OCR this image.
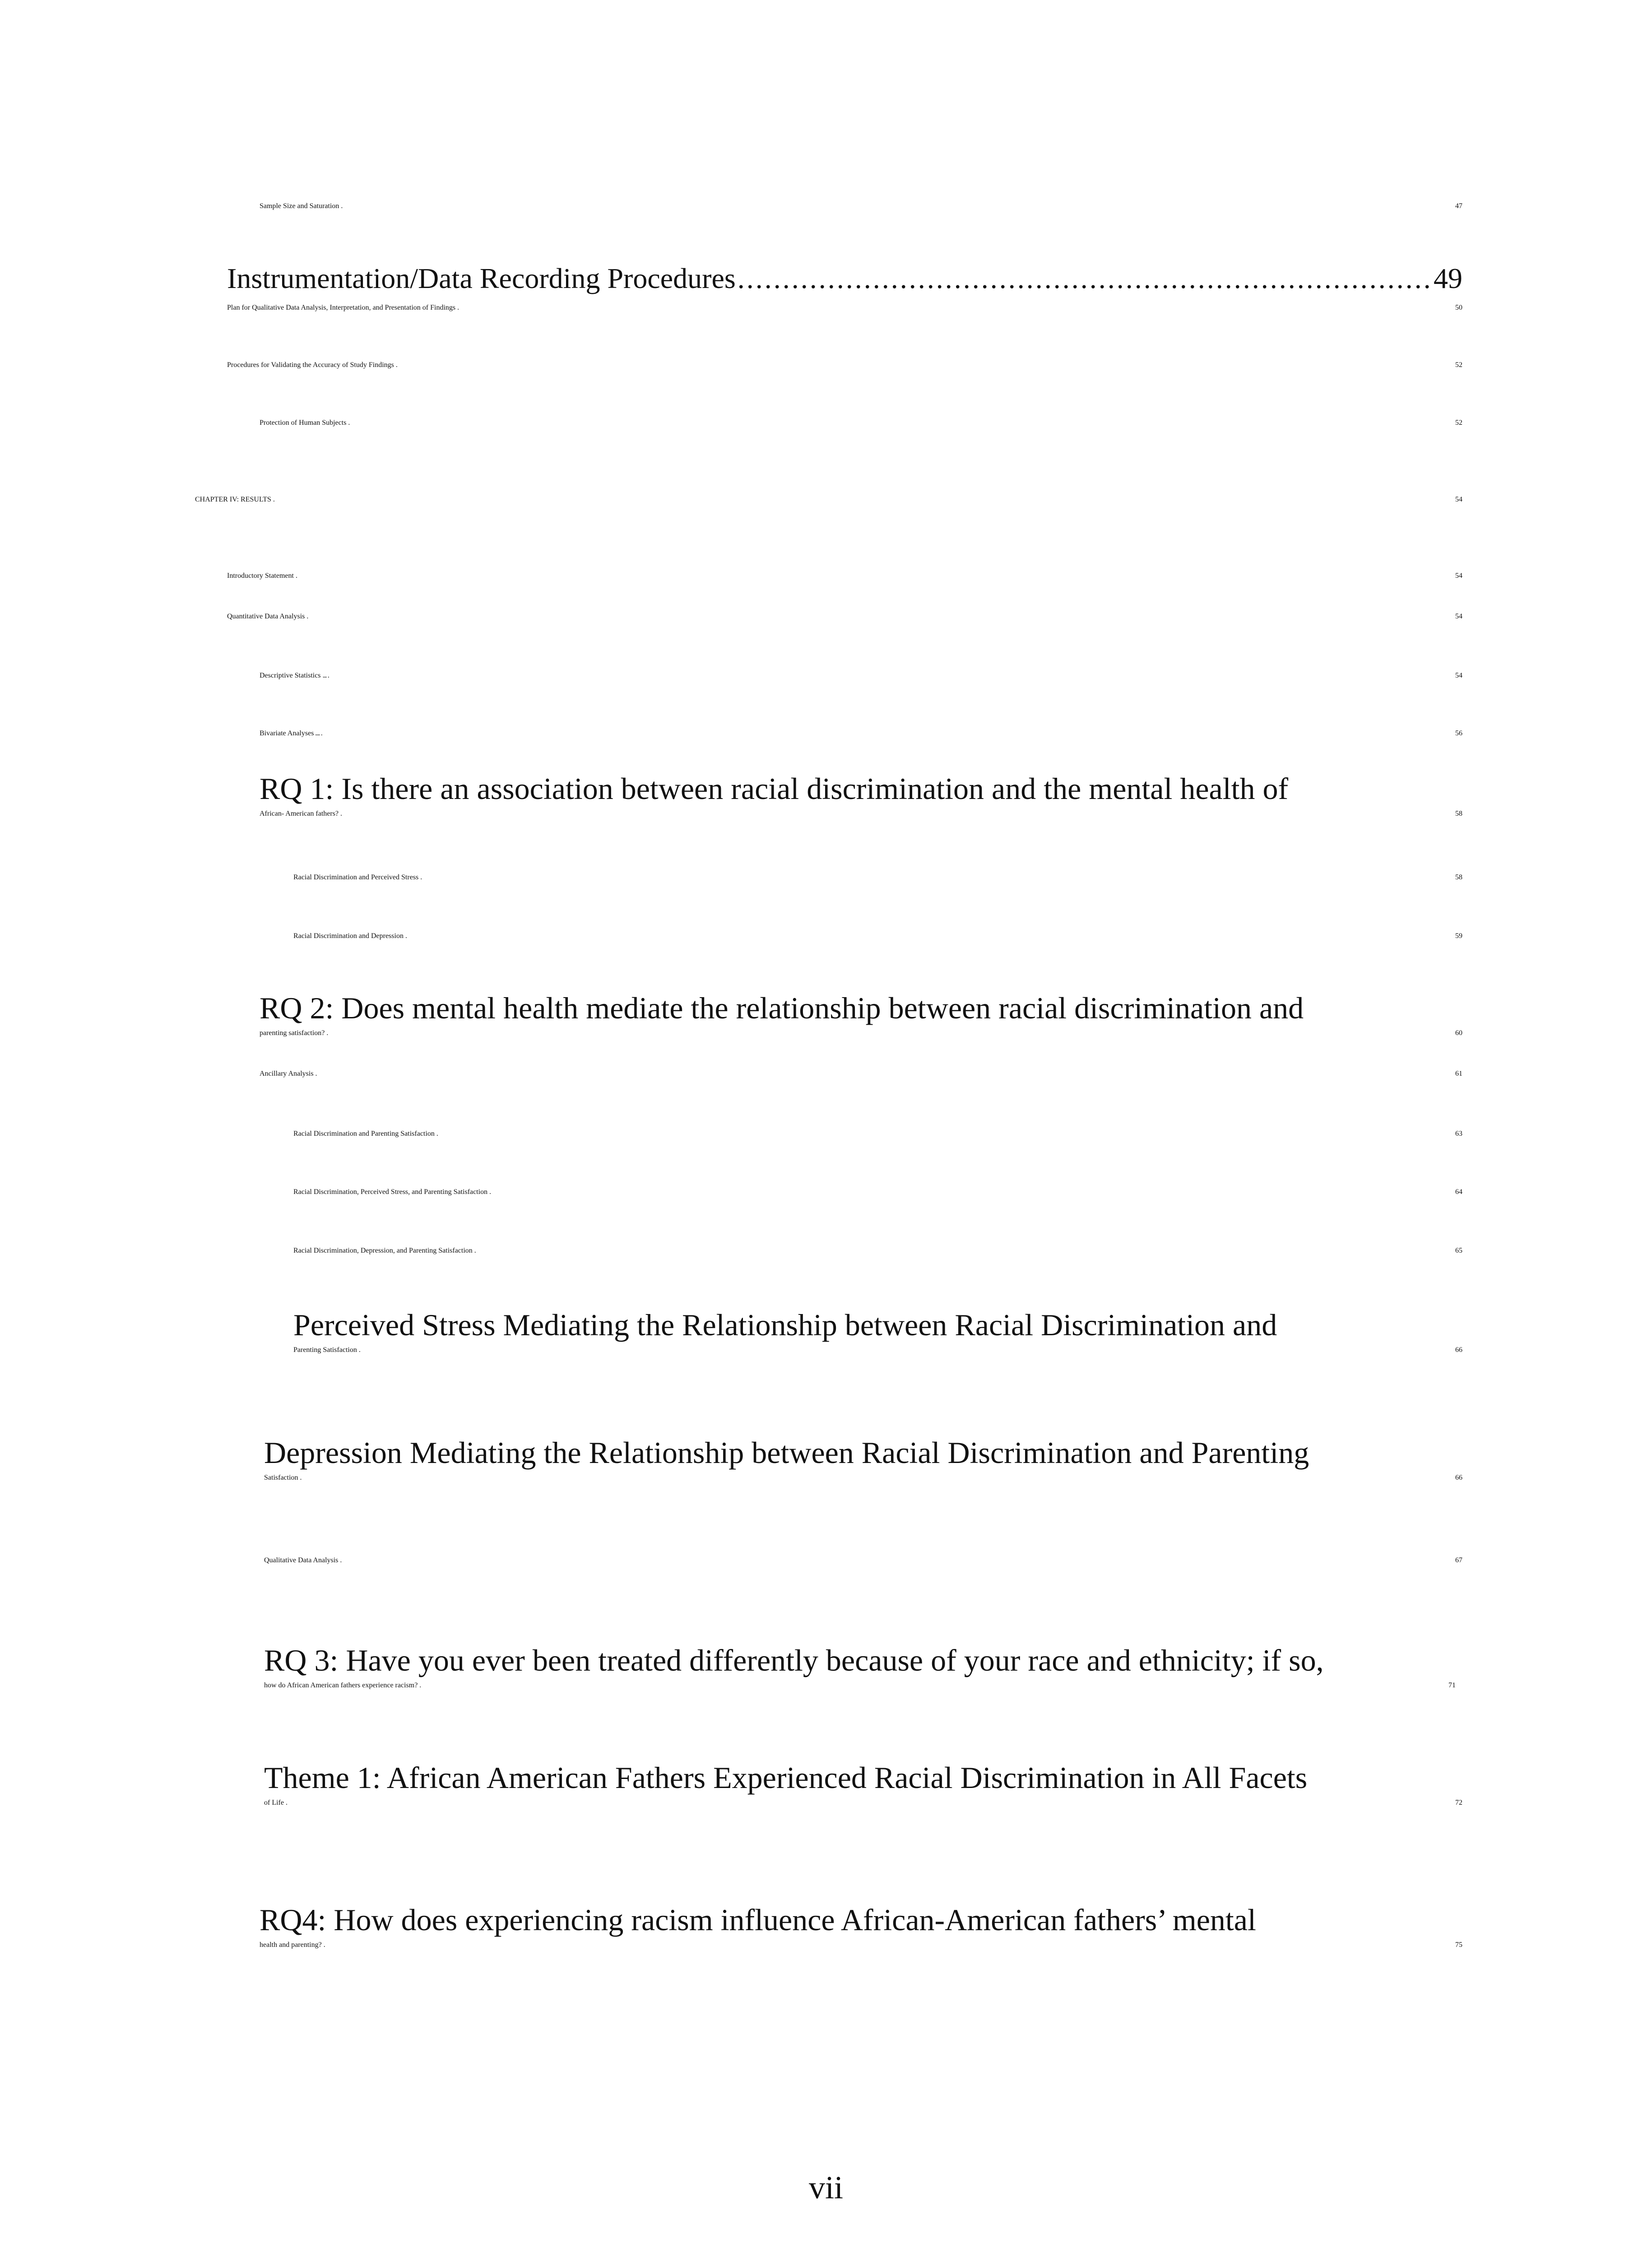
Sample Size and Saturation . . .	47
Instrumentation/Data Recording Procedures . . .	49
Plan for Qualitative Data Analysis, Interpretation, and Presentation of Findings . . .	50
Procedures for Validating the Accuracy of Study Findings . . .	52
Protection of Human Subjects . . .	52
CHAPTER IV: RESULTS . . .	54
Introductory Statement . . .	54
Quantitative Data Analysis . . .	54
Descriptive Statistics … … … … … … … … … … … … … … … … … … … … … … … … … … … … … … … … … … … … … … … … … … … … … … … … … … … … … … … … … … … … … … … … … … … … … … … … … … … … … … … … … … … … … … … … … … … … … … … … … … … … … … …	54
Bivariate Analyses … … … … … … … … … … … … … … … … … … … … … … … … … … … … … … … … … … … … … … … … … … … … … … … … … … … … … … … … … … … … … … … … … … … … … … … … … … … … … … … … … … … … … … … … … … … … … … … … … … … … … … …	56
RQ 1: Is there an association between racial discrimination and the mental health of
African- American fathers? . . .	58
Racial Discrimination and Perceived Stress . . .	58
Racial Discrimination and Depression . . .	59
RQ 2: Does mental health mediate the relationship between racial discrimination and
parenting satisfaction? . . .	60
Ancillary Analysis . . .	61
Racial Discrimination and Parenting Satisfaction . . .	63
Racial Discrimination, Perceived Stress, and Parenting Satisfaction . . .	64
Racial Discrimination, Depression, and Parenting Satisfaction . . .	65
Perceived Stress Mediating the Relationship between Racial Discrimination and
Parenting Satisfaction . . .	66
Depression Mediating the Relationship between Racial Discrimination and Parenting
Satisfaction . . .	66
Qualitative Data Analysis . . .	67
RQ 3: Have you ever been treated differently because of your race and ethnicity; if so,
how do African American fathers experience racism? . . .	71
Theme 1: African American Fathers Experienced Racial Discrimination in All Facets
of Life . . .	72
RQ4: How does experiencing racism influence African-American fathers’ mental
health and parenting? . . .	75
vii
